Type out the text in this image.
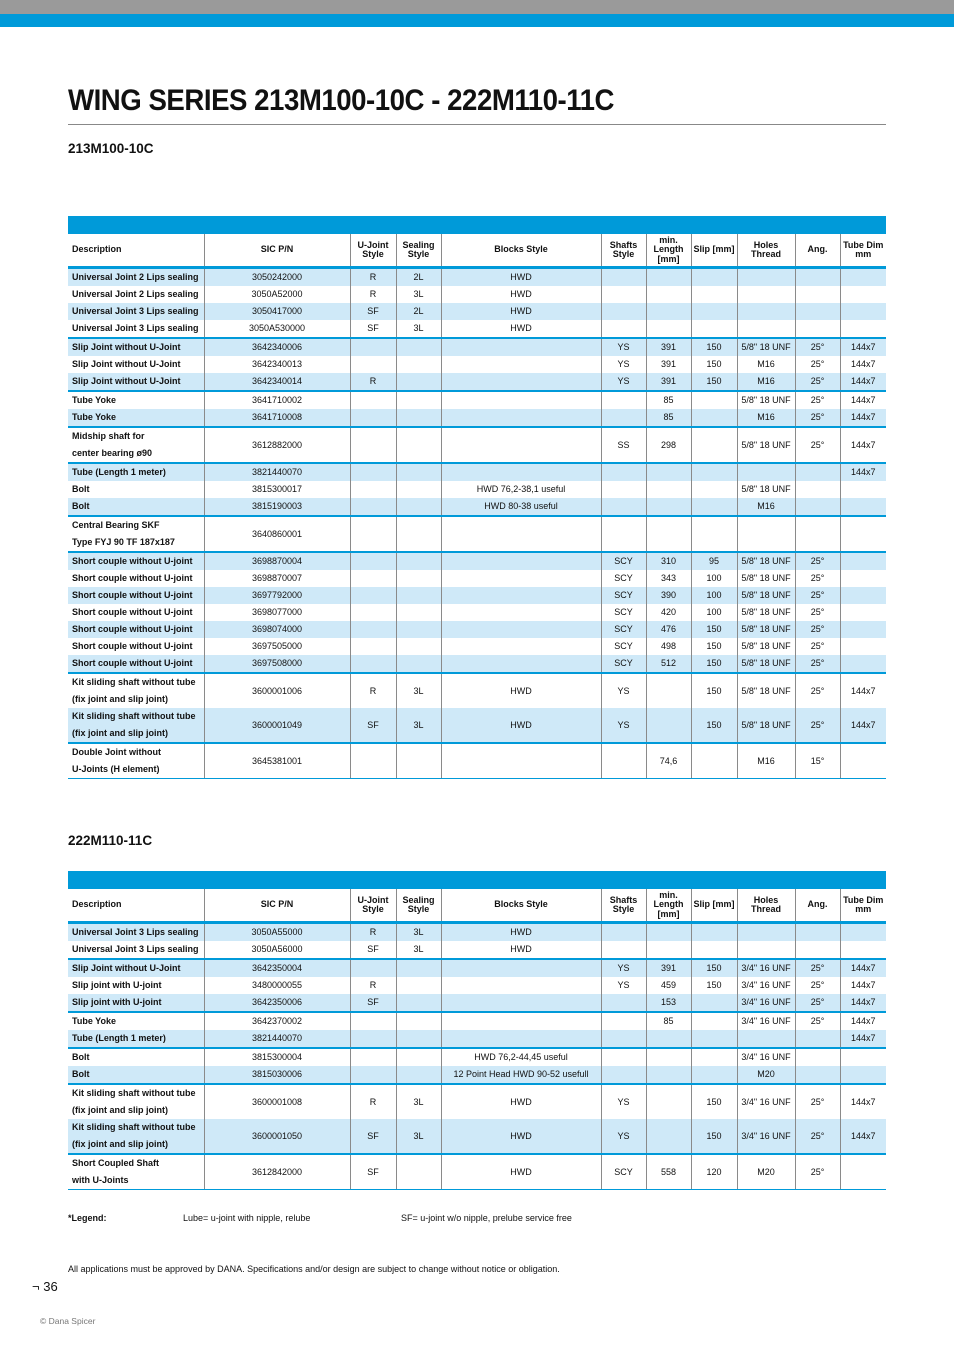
WING SERIES 213M100-10C - 222M110-11C
213M100-10C
Description	SIC P/N	U-Joint Style	Sealing Style	Blocks Style	Shafts Style	min. Length [mm]	Slip [mm]	Holes Thread	Ang.	Tube Dim mm
Universal Joint 2 Lips sealing	3050242000	R	2L	HWD						
Universal Joint 2 Lips sealing	3050A52000	R	3L	HWD						
Universal Joint 3 Lips sealing	3050417000	SF	2L	HWD						
Universal Joint 3 Lips sealing	3050A530000	SF	3L	HWD						
Slip Joint without U-Joint	3642340006				YS	391	150	5/8" 18 UNF	25°	144x7
Slip Joint without U-Joint	3642340013				YS	391	150	M16	25°	144x7
Slip Joint without U-Joint	3642340014	R			YS	391	150	M16	25°	144x7
Tube Yoke	3641710002					85		5/8" 18 UNF	25°	144x7
Tube Yoke	3641710008					85		M16	25°	144x7
Midship shaft for
center bearing ø90	3612882000				SS	298		5/8" 18 UNF	25°	144x7
Tube (Length 1 meter)	3821440070									144x7
Bolt	3815300017			HWD 76,2-38,1 useful				5/8" 18 UNF		
Bolt	3815190003			HWD 80-38 useful				M16		
Central Bearing SKF
Type FYJ 90 TF 187x187	3640860001									
Short couple without U-joint	3698870004				SCY	310	95	5/8" 18 UNF	25°	
Short couple without U-joint	3698870007				SCY	343	100	5/8" 18 UNF	25°	
Short couple without U-joint	3697792000				SCY	390	100	5/8" 18 UNF	25°	
Short couple without U-joint	3698077000				SCY	420	100	5/8" 18 UNF	25°	
Short couple without U-joint	3698074000				SCY	476	150	5/8" 18 UNF	25°	
Short couple without U-joint	3697505000				SCY	498	150	5/8" 18 UNF	25°	
Short couple without U-joint	3697508000				SCY	512	150	5/8" 18 UNF	25°	
Kit sliding shaft without tube
(fix joint and slip joint)	3600001006	R	3L	HWD	YS		150	5/8" 18 UNF	25°	144x7
Kit sliding shaft without tube
(fix joint and slip joint)	3600001049	SF	3L	HWD	YS		150	5/8" 18 UNF	25°	144x7
Double Joint without
U-Joints (H element)	3645381001					74,6		M16	15°	
222M110-11C
Description	SIC P/N	U-Joint Style	Sealing Style	Blocks Style	Shafts Style	min. Length [mm]	Slip [mm]	Holes Thread	Ang.	Tube Dim mm
Universal Joint 3 Lips sealing	3050A55000	R	3L	HWD						
Universal Joint 3 Lips sealing	3050A56000	SF	3L	HWD						
Slip Joint without U-Joint	3642350004				YS	391	150	3/4" 16 UNF	25°	144x7
Slip joint with U-joint	3480000055	R			YS	459	150	3/4" 16 UNF	25°	144x7
Slip joint with U-joint	3642350006	SF				153		3/4" 16 UNF	25°	144x7
Tube Yoke	3642370002					85		3/4" 16 UNF	25°	144x7
Tube (Length 1 meter)	3821440070									144x7
Bolt	3815300004			HWD 76,2-44,45 useful				3/4" 16 UNF		
Bolt	3815030006			12 Point Head HWD 90-52 usefull				M20		
Kit sliding shaft without tube
(fix joint and slip joint)	3600001008	R	3L	HWD	YS		150	3/4" 16 UNF	25°	144x7
Kit sliding shaft without tube
(fix joint and slip joint)	3600001050	SF	3L	HWD	YS		150	3/4" 16 UNF	25°	144x7
Short Coupled Shaft
with U-Joints	3612842000	SF		HWD	SCY	558	120	M20	25°	
*Legend:	Lube= u-joint with nipple, relube	SF= u-joint w/o nipple, prelube service free
All applications must be approved by DANA. Specifications and/or design are subject to change without notice or obligation.
¬ 36
© Dana Spicer
